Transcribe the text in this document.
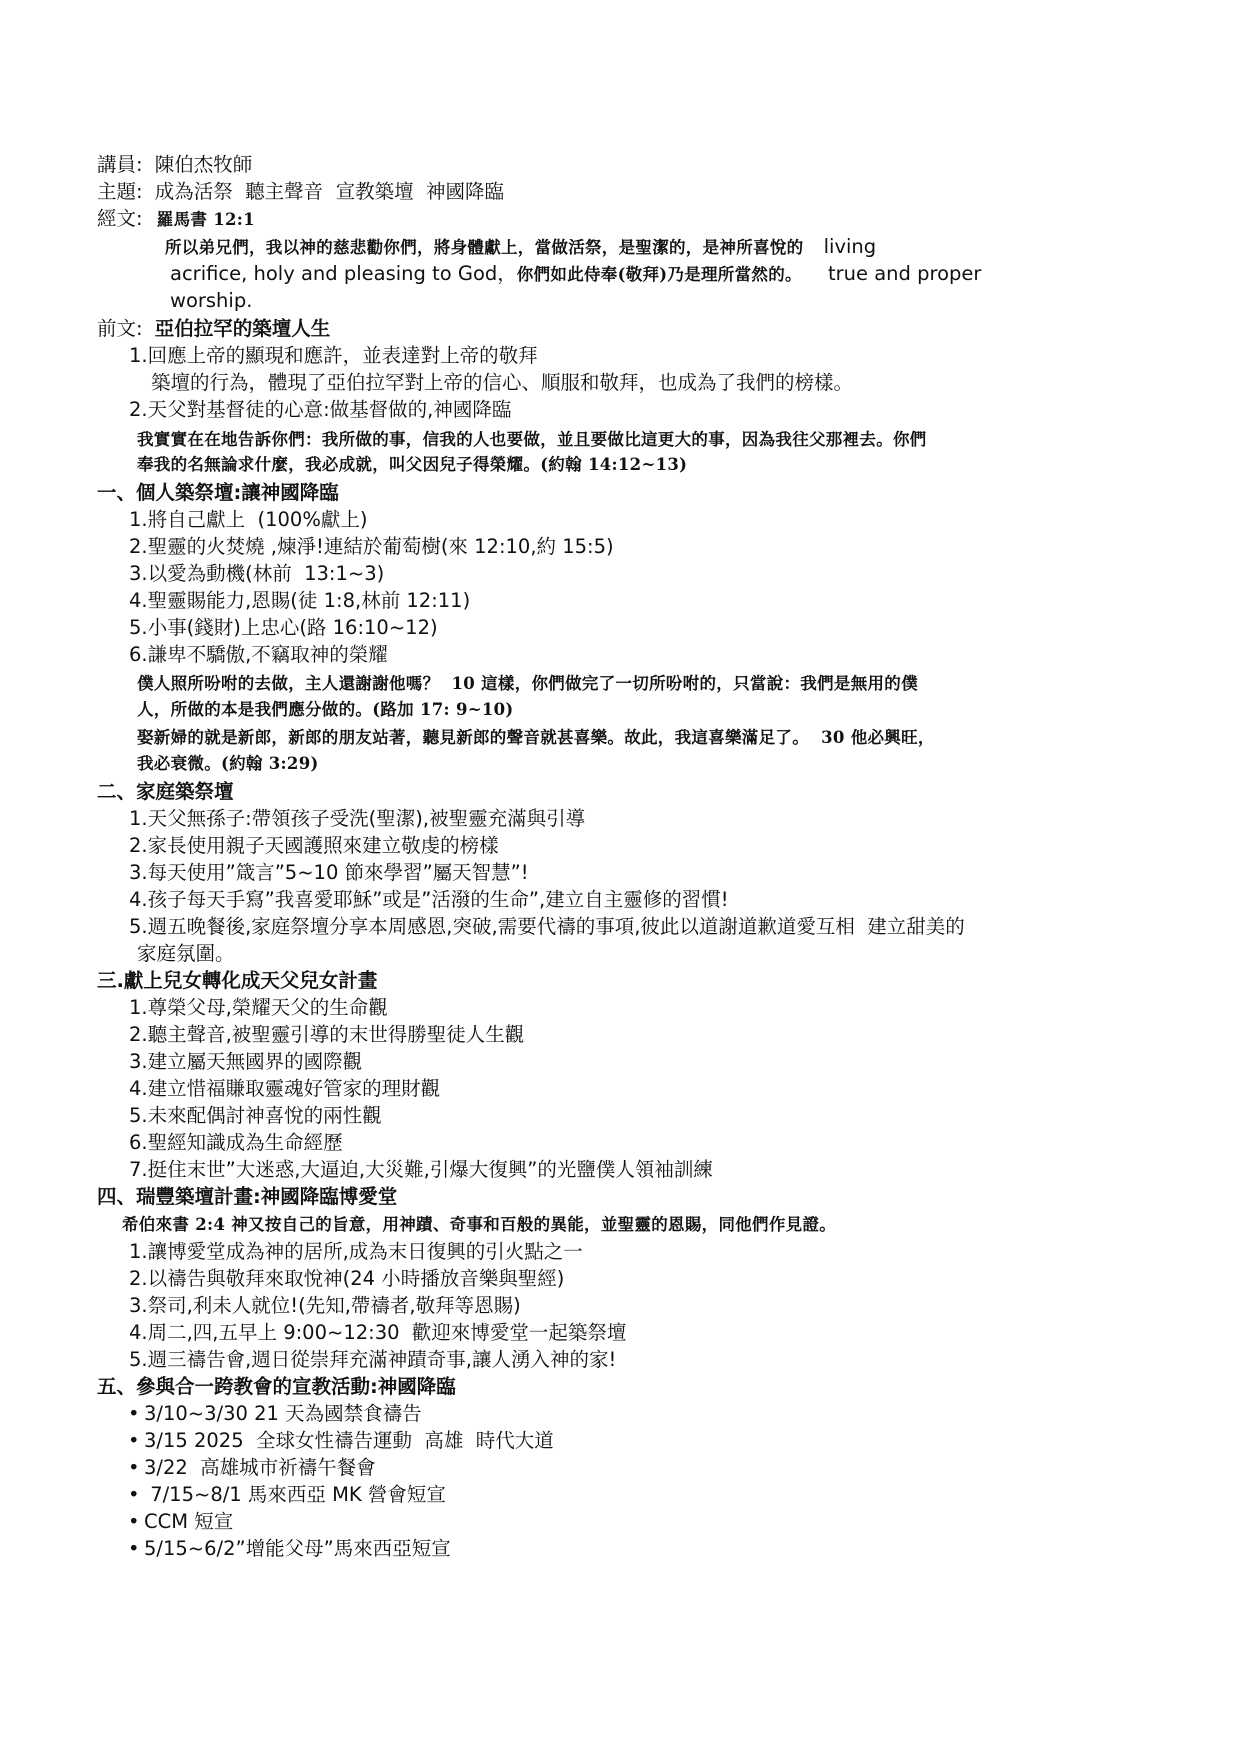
講員: 陳伯杰牧師
主題: 成為活祭  聽主聲音  宣教築壇  神國降臨
經文: 羅馬書 12:1
所以弟兄們，我以神的慈悲勸你們，將身體獻上，當做活祭，是聖潔的，是神所喜悅的 living
acrifice, holy and pleasing to God，你們如此侍奉(敬拜)乃是理所當然的。 true and proper
worship.
前文: 亞伯拉罕的築壇人生
1.回應上帝的顯現和應許，並表達對上帝的敬拜
築壇的行為，體現了亞伯拉罕對上帝的信心、順服和敬拜，也成為了我們的榜樣。
2.天父對基督徒的心意:做基督做的,神國降臨
我實實在在地告訴你們：我所做的事，信我的人也要做，並且要做比這更大的事，因為我往父那裡去。你們
奉我的名無論求什麼，我必成就，叫父因兒子得榮耀。(約翰 14:12~13)
一、個人築祭壇:讓神國降臨
1.將自己獻上  (100%獻上)
2.聖靈的火焚燒 ,煉淨!連結於葡萄樹(來 12:10,約 15:5)
3.以愛為動機(林前  13:1~3)
4.聖靈賜能力,恩賜(徒 1:8,林前 12:11)
5.小事(錢財)上忠心(路 16:10~12)
6.謙卑不驕傲,不竊取神的榮耀
僕人照所吩咐的去做，主人還謝謝他嗎？  10 這樣，你們做完了一切所吩咐的，只當說：我們是無用的僕
人，所做的本是我們應分做的。(路加 17: 9~10)
娶新婦的就是新郎，新郎的朋友站著，聽見新郎的聲音就甚喜樂。故此，我這喜樂滿足了。  30 他必興旺，
我必衰微。(約翰 3:29)
二、家庭築祭壇
1.天父無孫子:帶領孩子受洗(聖潔),被聖靈充滿與引導
2.家長使用親子天國護照來建立敬虔的榜樣
3.每天使用”箴言”5~10 節來學習”屬天智慧”!
4.孩子每天手寫”我喜愛耶穌”或是”活潑的生命”,建立自主靈修的習慣!
5.週五晚餐後,家庭祭壇分享本周感恩,突破,需要代禱的事項,彼此以道謝道歉道愛互相  建立甜美的
家庭氛圍。
三.獻上兒女轉化成天父兒女計畫
1.尊榮父母,榮耀天父的生命觀
2.聽主聲音,被聖靈引導的末世得勝聖徒人生觀
3.建立屬天無國界的國際觀
4.建立惜福賺取靈魂好管家的理財觀
5.未來配偶討神喜悅的兩性觀
6.聖經知識成為生命經歷
7.挺住末世”大迷惑,大逼迫,大災難,引爆大復興”的光鹽僕人領袖訓練
四、瑞豐築壇計畫:神國降臨博愛堂
希伯來書 2:4 神又按自己的旨意，用神蹟、奇事和百般的異能，並聖靈的恩賜，同他們作見證。
1.讓博愛堂成為神的居所,成為末日復興的引火點之一
2.以禱告與敬拜來取悅神(24 小時播放音樂與聖經)
3.祭司,利未人就位!(先知,帶禱者,敬拜等恩賜)
4.周二,四,五早上 9:00~12:30  歡迎來博愛堂一起築祭壇
5.週三禱告會,週日從崇拜充滿神蹟奇事,讓人湧入神的家!
五、參與合一跨教會的宣教活動:神國降臨
• 3/10~3/30 21 天為國禁食禱告
• 3/15 2025  全球女性禱告運動  高雄  時代大道
• 3/22  高雄城市祈禱午餐會
• 7/15~8/1 馬來西亞 MK 營會短宣
• CCM 短宣
• 5/15~6/2”增能父母”馬來西亞短宣
